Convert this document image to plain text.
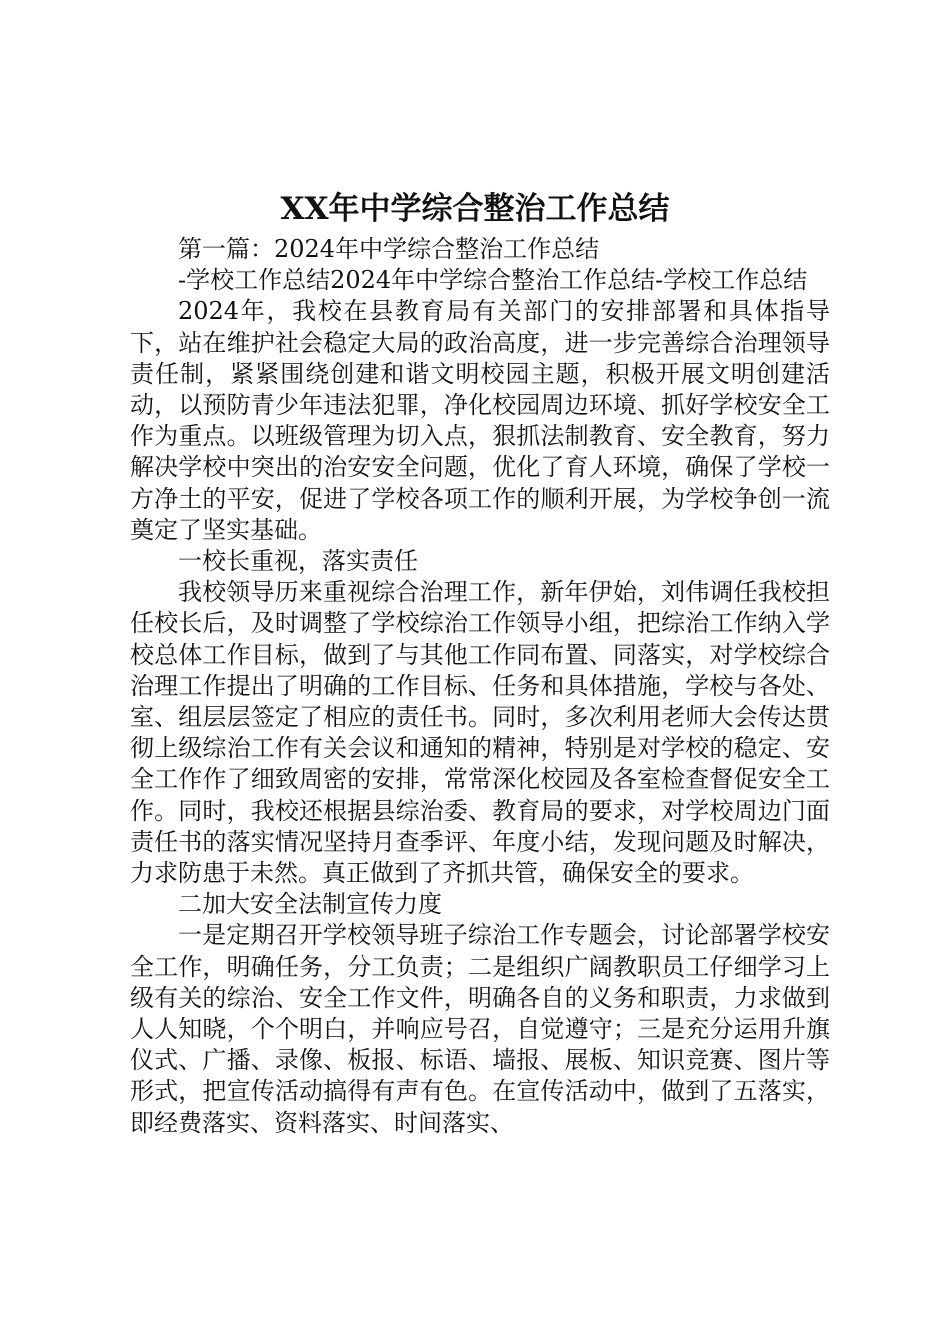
XX年中学综合整治工作总结

第一篇：2024年中学综合整治工作总结

-学校工作总结2024年中学综合整治工作总结-学校工作总结

2024年，我校在县教育局有关部门的安排部署和具体指导下，站在维护社会稳定大局的政治高度，进一步完善综合治理领导责任制，紧紧围绕创建和谐文明校园主题，积极开展文明创建活动，以预防青少年违法犯罪，净化校园周边环境、抓好学校安全工作为重点。以班级管理为切入点，狠抓法制教育、安全教育，努力解决学校中突出的治安安全问题，优化了育人环境，确保了学校一方净土的平安，促进了学校各项工作的顺利开展，为学校争创一流奠定了坚实基础。

一校长重视，落实责任

我校领导历来重视综合治理工作，新年伊始，刘伟调任我校担任校长后，及时调整了学校综治工作领导小组，把综治工作纳入学校总体工作目标，做到了与其他工作同布置、同落实，对学校综合治理工作提出了明确的工作目标、任务和具体措施，学校与各处、室、组层层签定了相应的责任书。同时，多次利用老师大会传达贯彻上级综治工作有关会议和通知的精神，特别是对学校的稳定、安全工作作了细致周密的安排，常常深化校园及各室检查督促安全工作。同时，我校还根据县综治委、教育局的要求，对学校周边门面责任书的落实情况坚持月查季评、年度小结，发现问题及时解决，力求防患于未然。真正做到了齐抓共管，确保安全的要求。

二加大安全法制宣传力度

一是定期召开学校领导班子综治工作专题会，讨论部署学校安全工作，明确任务，分工负责；二是组织广阔教职员工仔细学习上级有关的综治、安全工作文件，明确各自的义务和职责，力求做到人人知晓，个个明白，并响应号召，自觉遵守；三是充分运用升旗仪式、广播、录像、板报、标语、墙报、展板、知识竞赛、图片等形式，把宣传活动搞得有声有色。在宣传活动中，做到了五落实，即经费落实、资料落实、时间落实、
